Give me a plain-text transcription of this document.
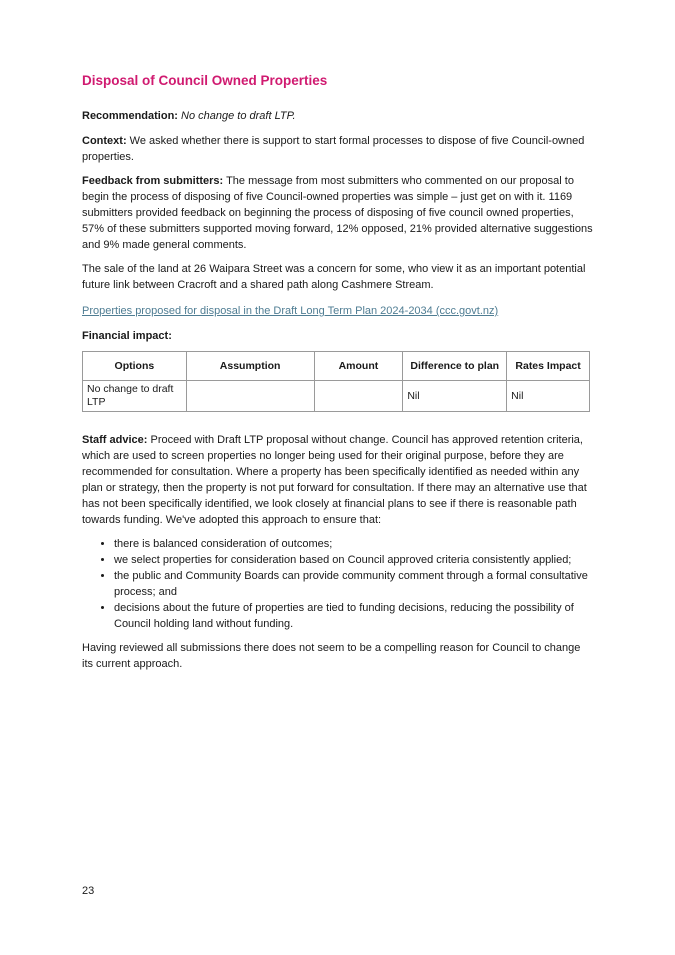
Disposal of Council Owned Properties

Recommendation: No change to draft LTP.

Context: We asked whether there is support to start formal processes to dispose of five Council-owned properties.

Feedback from submitters: The message from most submitters who commented on our proposal to begin the process of disposing of five Council-owned properties was simple – just get on with it. 1169 submitters provided feedback on beginning the process of disposing of five council owned properties, 57% of these submitters supported moving forward, 12% opposed, 21% provided alternative suggestions and 9% made general comments.

The sale of the land at 26 Waipara Street was a concern for some, who view it as an important potential future link between Cracroft and a shared path along Cashmere Stream.

Properties proposed for disposal in the Draft Long Term Plan 2024-2034 (ccc.govt.nz)
Financial impact:
Options	Assumption	Amount	Difference to plan	Rates Impact
No change to draft LTP			Nil	Nil

Staff advice: Proceed with Draft LTP proposal without change. Council has approved retention criteria, which are used to screen properties no longer being used for their original purpose, before they are recommended for consultation. Where a property has been specifically identified as needed within any plan or strategy, then the property is not put forward for consultation. If there may an alternative use that has not been specifically identified, we look closely at financial plans to see if there is reasonable path towards funding. We've adopted this approach to ensure that:

• there is balanced consideration of outcomes;
• we select properties for consideration based on Council approved criteria consistently applied;
• the public and Community Boards can provide community comment through a formal consultative process; and
• decisions about the future of properties are tied to funding decisions, reducing the possibility of Council holding land without funding.

Having reviewed all submissions there does not seem to be a compelling reason for Council to change its current approach.

23
